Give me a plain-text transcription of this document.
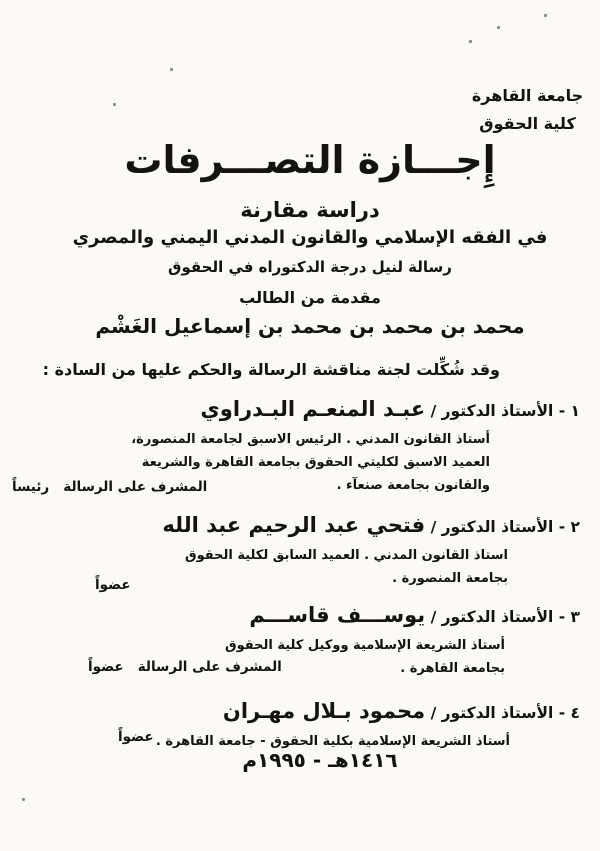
جامعة القاهرة
كلية الحقوق
إِجـــازة التصـــرفات
دراسة مقارنة
في الفقه الإسلامي والقانون المدني اليمني والمصري
رسالة لنيل درجة الدكتوراه في الحقوق
مقدمة من الطالب
محمد بن محمد بن محمد بن إسماعيل الغَشْم
وقد شُكِّلت لجنة مناقشة الرسالة والحكم عليها من السادة :
١ - الأستاذ الدكتور / عبـد المنعـم البـدراوي
أستاذ القانون المدني . الرئيس الاسبق لجامعة المنصورة،
العميد الاسبق لكليتي الحقوق بجامعة القاهرة والشريعة
والقانون بجامعة صنعآء .
المشرف على الرسالة   رئيساً
٢ - الأستاذ الدكتور / فتحي عبد الرحيم عبد الله
استاذ القانون المدني . العميد السابق لكلية الحقوق
بجامعة المنصورة .
عضواً
٣ - الأستاذ الدكتور / يوســـف قاســـم
أستاذ الشريعة الإسلامية ووكيل كلية الحقوق
بجامعة القاهرة .
المشرف على الرسالة   عضواً
٤ - الأستاذ الدكتور / محمود بـلال مهـران
أستاذ الشريعة الإسلامية بكلية الحقوق - جامعة القاهرة .
عضواً
١٤١٦هـ - ١٩٩٥م
